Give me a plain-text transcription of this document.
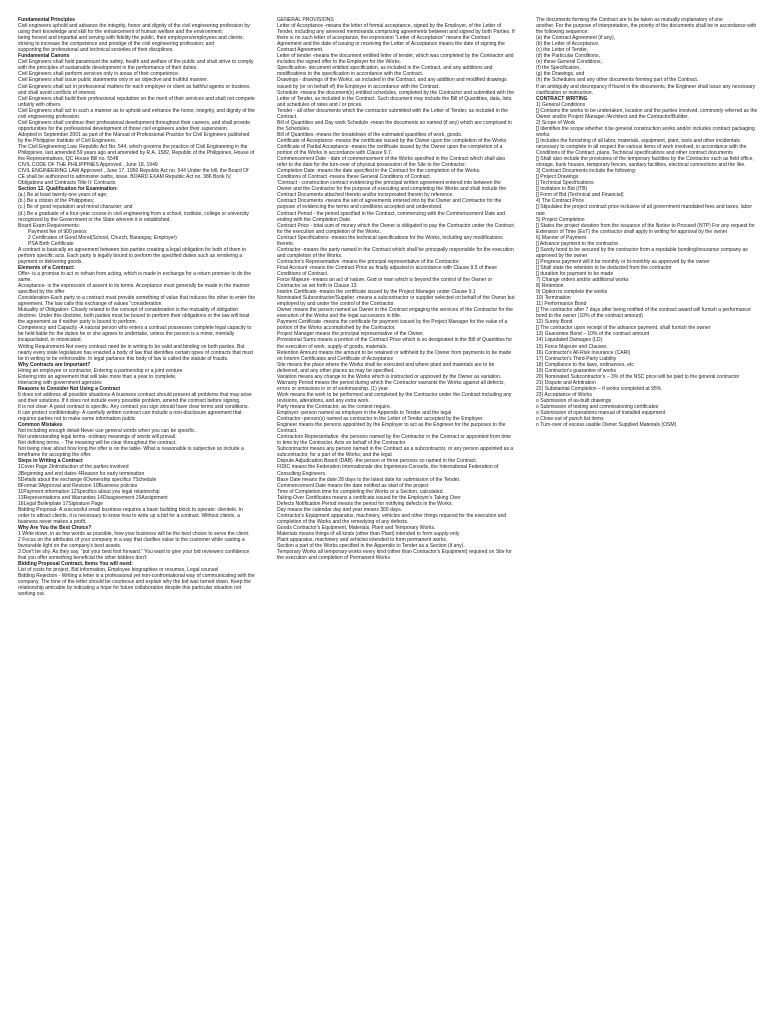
Fundamental Principles
Civil engineers uphold and advance the integrity, honor and dignity of the civil engineering profession by:
using their knowledge and skill for the enhancement of human welfare and the environment;
being honest and impartial and serving with fidelity the public, their employers/employees and clients;
striving to increase the competence and prestige of the civil engineering profession; and
supporting the professional and technical societies of their disciplines.
Fundamental Canons
Civil Engineers shall hold paramount the safety, health and welfare of the public and shall strive to comply with the principles of sustainable development in the performance of their duties.
Civil Engineers shall perform services only in areas of their competence.
Civil Engineers shall issue public statements only in an objective and truthful manner.
Civil Engineers shall act in professional matters for each employer or client as faithful agents or trustees, and shall avoid conflicts of interest.
Civil Engineers shall build their professional reputation on the merit of their services and shall not compete unfairly with others.
Civil Engineers shall act in such a manner as to uphold and enhance the honor, integrity, and dignity of the civil engineering profession.
Civil Engineers shall continue their professional development throughout their careers, and shall provide opportunities for the professional development of those civil engineers under their supervision.
Adopted in September 2001 as part of the Manual of Professional Practice for Civil Engineers published by the Philippine Institute of Civil Engineers.
The Civil Engineering Law, Republic Act No. 544, which governs the practice of Civil Engineering in the Philippines, last amended 59 years ago and amended by R.A. 1582, Republic of the Philippines, House of the Representatives, QC House Bill no. 5548
CIVIL CODE OF THE PHILIPPINES Approved , June 18, 1949
CIVIL ENGINEERING LAW Approved , June 17, 1950 Republic Act no. 544 Under the bill, the Board Of CE shall be authorized to administer oaths, issue. BOARD EXAM Republic Act no. 386 Book IV, Obligations and Contracts Title II: Contracts
Section 12. Qualification for Examination:
(a.) Be at least twenty-one years of age;
(b.) Be a citizen of the Philippines;
(c.) Be of good reputation and moral character; and
(d.) Be a graduate of a four-year course in civil engineering from a school, institute, college or university recognized by the Government or the State wherein it is established.
Board Exam Requirements:
Payment fee of 900 pesos
2 Certificates of Good Moral(School, Church, Barangay, Employer)
PSA Birth Certificate
A contract is basically an agreement between two parties creating a legal obligation for both of them to perform specific acts. Each party is legally bound to perform the specified duties such as rendering a payment or delivering goods.
Elements of a Contract:
Offer- is a promise to act or refrain from acting, which is made in exchange for a return promise to do the same.
Acceptance- is the expression of assent to its terms. Acceptance must generally be made in the manner specified by the offer
Consideration-Each party to a contract must provide something of value that induces the other to enter the agreement. The law calls this exchange of values "consideration
Mutuality of Obligation- Closely related to the concept of consideration is the mutuality of obligation doctrine. Under this doctrine, both parties must be bound to perform their obligations or the law will treat the agreement as if neither party is bound to perform.
Competency and Capacity -A natural person who enters a contract possesses complete legal capacity to be held liable for the duties he or she agrees to undertake, unless the person is a minor, mentally incapacitated, or intoxicated.
Writing Requirement-Not every contract need be in writing to be valid and binding on both parties. But nearly every state legislature has enacted a body of law that identifies certain types of contracts that must be in writing to be enforceable. In legal parlance this body of law is called the statute of frauds.
Why Contracts are Important?
Hiring an employee or contractor, Entering a partnership or a joint venture
Entering into an agreement that will take more than a year to complete,
Interacting with government agencies
Reasons to Consider Not Using a Contract
It does not address all possible situations-A business contract should present all problems that may arise and their solutions. If it does not include every possible problem, amend the contract before signing.
It is not clear- A good contract is specific. Any contract you sign should have clear terms and conditions.
It can protect confidentiality- A carefully written contract can include a non-disclosure agreement that requires parties not to make some information public
Common Mistakes
Not including enough detail-Never use general words when you can be specific.
Not understanding legal terms- ordinary meanings of words will prevail.
Not defining terms. - The meaning will be clear throughout the contract.
Not being clear about how long the offer is on the table- What is reasonable is subjective so include a timeframe for accepting the offer.
Steps in Writing a Contract
1Cover Page 2Introduction of the parties involved
3Beginning and end dates 4Reason for early termination
5Details about the exchange 6Ownership specifics 7Schedule
8Format 9Approval and Revision 10Business policies
11Payment information 12Specifics about you legal relationship
13Representations and Warranties 14Disagreement 15Assignment
16Legal Boilerplate 17Signature Page
Bidding Proposal- A successful small business requires a basic building block to operate: clientele. In order to attract clients, it is necessary to know how to write up a bid for a contract. Without clients, a business never makes a profit.
Why Are You the Best Choice?
1 Write down, in as few words as possible, how your business will be the best choice to serve the client.
2 Focus on the attributes of your company in a way that clarifies value to the customer while casting a favourable light on the company's best assets.
3 Don't be shy. As they say, "put your best foot forward." You want to give your bid reviewers confidence that you offer something beneficial the other bidders don't.
Bidding Proposal Contract, Items You will need:
List of costs for project, Bid information, Employee biographies or resumes, Legal counsel
Bidding Rejection - Writing a letter is a professional yet non-confrontational way of communicating with the company. The tone of the letter should be courteous and explain why the bid was turned down. Keep the relationship amicable by indicating a hope for future collaboration despite this particular situation not working out.
GENERAL PROVISIONS
Letter of Acceptance -means the letter of formal acceptance, signed by the Employer, of the Letter of Tender, including any annexed memoranda comprising agreements between and signed by both Parties. If there is no such letter of acceptance, the expression "Letter of Acceptance" means the Contract Agreement and the date of issuing or receiving the Letter of Acceptance means the date of signing the Contract Agreement.
Letter of tender -means the document entitled letter of tender, which was completed by the Contractor and includes the signed offer to the Employer for the Works.
Specification- document entitled specification, as included in the Contract, and any additions and modifications to the specification in accordance with the Contract.
Drawings - drawings of the Works, as included in the Contract, and any addition and modified drawings issued by (or on behalf of) the Employer in accordance with the Contract.
Schedule -means the document(s) entitled schedules, completed by the Contractor and submitted with the Letter of Tender, as included in the Contract. Such document may include the Bill of Quantities, data, lists, and schedules of rates and / or prices.
Tender - all other documents which the contractor submitted with the Letter of Tender, as included in the Contract.
Bill of Quantities and Day work Schedule -mean the documents so named (if any) which are comprised in the Schedules.
Bill of Quantities -means the breakdown of the estimated quantities of work, goods.
Certificate of Acceptance -means the certificate issued by the Owner upon the completion of the Works
Certificate of Partial Acceptance -means the certificate issued by the Owner upon the completion of a portion of the Works in accordance with Clause 9.7.
Commencement Date - date of commencement of the Works specified in the Contract which shall also refer to the date for the turn-over of physical possession of the Site to the Contractor.
Completion Date -means the date specified in the Contract for the completion of the Works.
Conditions of Contract -means these General Conditions of Contract.
'Contract - construction contract evidencing the principal written agreement entered into between the Owner and the Contractor for the purpose of executing and completing the Works and shall include the Contract Documents attached thereto and/or incorporated therein by reference.
Contract Documents -means the set of agreements entered into by the Owner and Contractor for the purpose of evidencing the terms and conditions accepted and understood.
Contract Period - the period specified in the Contract, commencing with the Commencement Date and ending with the Completion Date.
Contract Price - total sum of money which the Owner is obligated to pay the Contractor under the Contract for the execution and completion of the Works.
Contract Specifications -means the technical specifications for the Works, including any modifications thereto.
Contractor -means the party named in the Contract which shall be principally responsible for the execution and completion of the Works.
Contractor's Representative -means the principal representative of the Contractor.
Final Account -means the Contract Price as finally adjusted in accordance with Clause 9.5 of these Conditions of Contract.
Force Majeure -means an act of nature, God or man which is beyond the control of the Owner or Contractor as set forth in Clause 13.
Interim Certificate -means the certificate issued by the Project Manager under Clause 9.1
Nominated Subcontractor/Supplier -means a subcontractor or supplier selected on behalf of the Owner but employed by and under the control of the Contractor.
Owner means the person named as Owner in the Contract engaging the services of the Contractor for the execution of the Works and the legal successors in title.
Payment Certificate -means the certificate for payment issued by the Project Manager for the value of a portion of the Works accomplished by the Contractor.
Project Manager means the principal representative of the Owner.
Provisional Sums means a portion of the Contract Price which is so designated in the Bill of Quantities for the execution of work, supply of goods, materials.
Retention Amount means the amount to be retained or withheld by the Owner from payments to be made on Interim Certificates and Certificate of Acceptance
Site means the place where the Works shall be executed and where plant and materials are to be delivered, and any other places as may be specified.
Variation means any change to the Works which is instructed or approved by the Owner as variation.
Warranty Period means the period during which the Contractor warrants the Works against all defects, errors or omissions in or of workmanship. (1) year
Work means the work to be performed and completed by the Contractor under the Contract including any revisions, alterations, and any extra work.
Party means the Contractor, as the context require.
Employer -person named as employer in the Appendix to Tender and the legal
Contractor -person(s) named as contractor in the Letter of Tender accepted by the Employer.
Engineer means the persons appointed by the Employer to act as the Engineer for the purposes to the Contract.
Contractors Representative -the persons named by the Contractor in the Contract or appointed from time to time by the Contractor. Acts on behalf of the Contractor
Subcontractor means any person named in the Contract as a subcontractor, or any person appointed as a subcontractor, for a part of the Works; and the legal
Dispute Adjudication Board (DAB) -the person or three persons so named in the Contract.
FIDIC means the Federation Internationale des Ingenieurs-Conseils, the International Federation of Consulting Engineers.
Base Date means the date 28 days to the latest date for submission of the Tender.
Commencement Date means the date notified as start of the project
Time of Completion time for completing the Works or a Section, calculated.
Taking-Over Certificates means a certificate issued for the Employer's Taking Over
Defects Notification Period means the period for notifying defects in the Works;
Day means the calendar day and year means 365 days.
Contractor's Equipment apparatus, machinery, vehicles and other things required for the execution and completion of the Works and the remedying of any defects.
Goods Contractor's Equipment, Materials, Plant and Temporary Works.
Materials means things of all kinds (other than Plant) intended to form supply-only
Plant apparatus, machinery and vehicles intended to form permanent works.
Section a part of the Works specified in the Appendix to Tender as a Section (if any).
Temporary Works all temporary works every kind (other than Contractor's Equipment) required on Site for the execution and completion of Permanent Works
The documents forming the Contract are to be taken as mutually explanatory of one
another. For the purpose of interpretation, the priority of the documents shall be in accordance with the following sequence:
(a) the Contract Agreement (if any),
(b) the Letter of Acceptance,
(c) the Letter of Tender,
(d) the Particular Conditions,
(e) these General Conditions,
(f) the Specification,
(g) the Drawings, and
(h) the Schedules and any other documents forming part of the Contract.
If an ambiguity and discrepancy if found in the documents, the Engineer shall issue any necessary clarification or instruction.
CONTRACT WRITING
1) General Conditions
[] Contains the works to be undertaken, location and the parties involved, commonly referred as the Owner and/or Project Manager /Architect and the Contractor/Builder.
2) Scope of Work
[] Identifies the scope whether it be general construction works and/or includes contract packaging works.
[] Includes the furnishing of all labor, materials, equipment, plant, tools and other incidentals necessary to complete in all respect the various items of work involved, in accordance with the Conditions of the Contract, plans, Technical specifications and other contract documents
[] Shall also include the provisions of the temporary facilities by the Contractor such as field office, storage, bunk houses, temporary fences, sanitary facilities, electrical connections and the like.
3) Contract Documents include the following:
[] Project Drawings
[] Technical Specifications
[] Invitation to Bid (ITB)
[] Form of Bid (Technical and Financial)
4) The Contract Price
[] Stipulates the project contract price inclusive of all government mandated fees and taxes, labor rate.
5) Project Completion
[] States the project duration from the issuance of the Notice to Proceed (NTP) For any request for Extension of Time (EoT) the contractor shall apply in writing for approval by the owner
6) Manner of Payment
[] Advance payment to the contractor
[] Surety bond to be secured by the contractor from a reputable bonding/insurance company as approved by the owner
[] Progress payment will it be monthly or bi-monthly as approved by the owner
[] Shall state the retention to be deducted from the contractor
[] duration for payment to be made
7) Change orders and/or additional works
8) Retention
9) Option to complete the works
10) Termination
11) Performance Bond
[] The contractor after 7 days after being notified of the contract award will furnish a performance bond to the owner (10% of the contract amount)
12) Surety Bond
[] The contractor upon receipt of the advance payment, shall furnish the owner
13) Guarantee Bond – 10% of the contract amount
14) Liquidated Damages (LD)
15) Force Majeure and Clauses
16) Contractor's All-Risk Insurance (CARI)
17) Contractor's Third-Party Liability
18) Compliance to the laws, ordinances, etc
19) Contractor's guarantee of works
20) Nominated Subcontractor's – 3% of the NSC price will be paid to the general contractor
21) Dispute and Arbitration
22) Substantial Completion – if works completed at 95%
23) Acceptance of Works
o Submission of as-built drawings
o Submission of testing and commissioning certificates
o Submission of operations manual of installed equipment
o Close-out of punch list items
o Turn-over of excess usable Owner Supplied Materials (OSM)
